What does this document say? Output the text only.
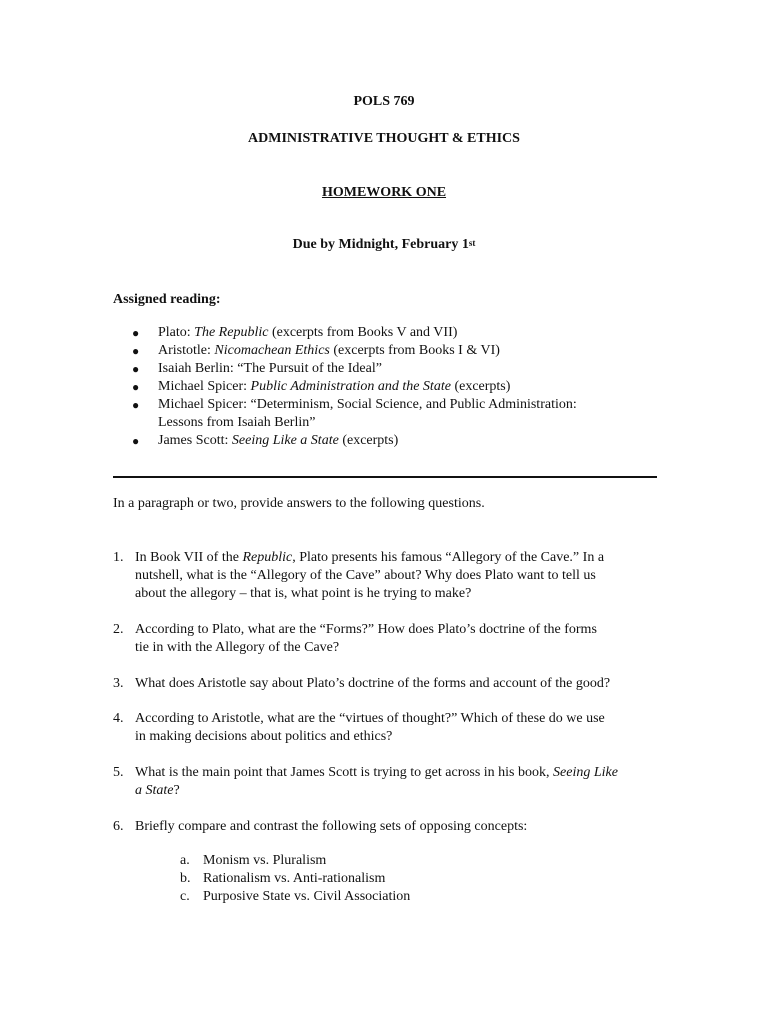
POLS 769
ADMINISTRATIVE THOUGHT & ETHICS
HOMEWORK ONE
Due by Midnight, February 1st
Assigned reading:
● Plato: The Republic (excerpts from Books V and VII)
● Aristotle: Nicomachean Ethics (excerpts from Books I & VI)
● Isaiah Berlin: “The Pursuit of the Ideal”
● Michael Spicer: Public Administration and the State (excerpts)
● Michael Spicer: “Determinism, Social Science, and Public Administration:
Lessons from Isaiah Berlin”
● James Scott: Seeing Like a State (excerpts)
In a paragraph or two, provide answers to the following questions.
1. In Book VII of the Republic, Plato presents his famous “Allegory of the Cave.” In a
nutshell, what is the “Allegory of the Cave” about? Why does Plato want to tell us
about the allegory – that is, what point is he trying to make?
2. According to Plato, what are the “Forms?” How does Plato’s doctrine of the forms
tie in with the Allegory of the Cave?
3. What does Aristotle say about Plato’s doctrine of the forms and account of the good?
4. According to Aristotle, what are the “virtues of thought?” Which of these do we use
in making decisions about politics and ethics?
5. What is the main point that James Scott is trying to get across in his book, Seeing Like
a State?
6. Briefly compare and contrast the following sets of opposing concepts:
a. Monism vs. Pluralism
b. Rationalism vs. Anti-rationalism
c. Purposive State vs. Civil Association
